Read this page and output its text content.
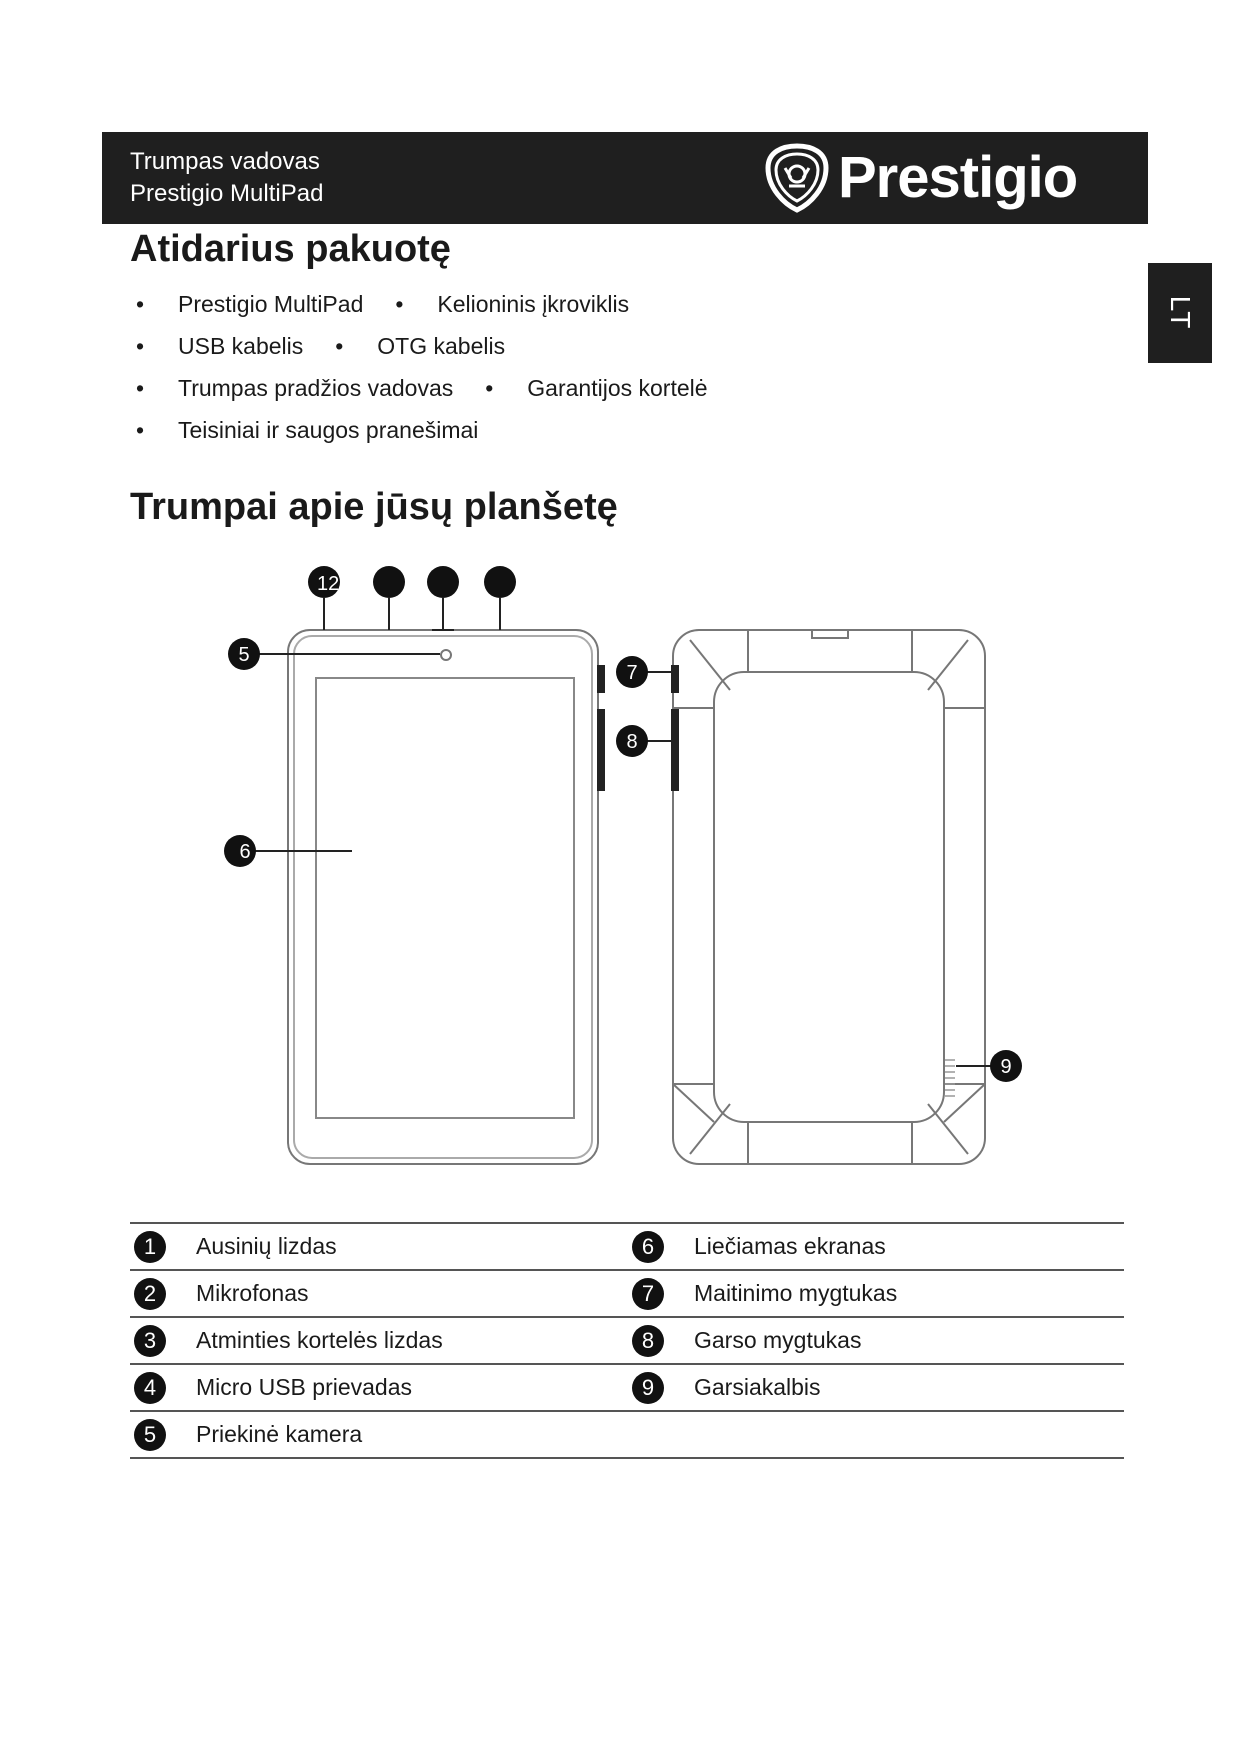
Trumpas vadovas
Prestigio MultiPad	Prestigio
LT
Atidarius pakuotę
• Prestigio MultiPad • Kelioninis įkroviklis
• USB kabelis • OTG kabelis
• Trumpas pradžios vadovas • Garantijos kortelė
• Teisiniai ir saugos pranešimai
Trumpai apie jūsų planšetę
12
5
6
7
8
9
1	Ausinių lizdas	6	Liečiamas ekranas
2	Mikrofonas	7	Maitinimo mygtukas
3	Atminties kortelės lizdas	8	Garso mygtukas
4	Micro USB prievadas	9	Garsiakalbis
5	Priekinė kamera		
